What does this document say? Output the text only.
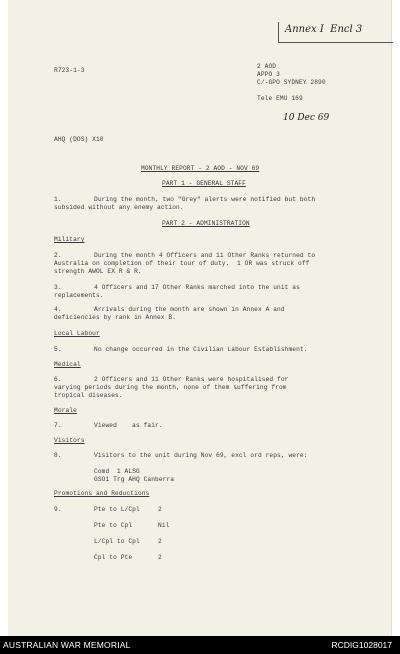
Annex I  Encl 3
R723-1-3
2 AOD
APPO 3
C/-GPO SYDNEY 2890
Tele EMU 169
10 Dec 69
AHQ (DOS) X10
MONTHLY REPORT - 2 AOD - NOV 69
PART 1 - GENERAL STAFF
1.	During the month, two "Grey" alerts were notified but both
subsided without any enemy action.
PART 2 - ADMINISTRATION
Military
2.	During the month 4 Officers and 11 Other Ranks returned to
Australia on completion of their tour of duty.  1 OR was struck off
strength AWOL EX R & R.
3.	4 Officers and 17 Other Ranks marched into the unit as
replacements.
4.	Arrivals during the month are shown in Annex A and
deficiencies by rank in Annex B.
Local Labour
5.	No change occurred in the Civilian Labour Establishment.
Medical
6.	2 Officers and 11 Other Ranks were hospitalised for
varying periods during the month, none of them suffering from
tropical diseases.
Morale
7.	Viewed    as fair.
Visitors
8.	Visitors to the unit during Nov 69, excl ord reps, were:
Comd  1 ALSG
GSO1 Trg AHQ Canberra
Promotions and Reductions
9.	Pte to L/Cpl	2
Pte to Cpl	Nil
L/Cpl to Cpl	2
Cpl to Pte	2
AUSTRALIAN WAR MEMORIAL	RCDIG1028017
